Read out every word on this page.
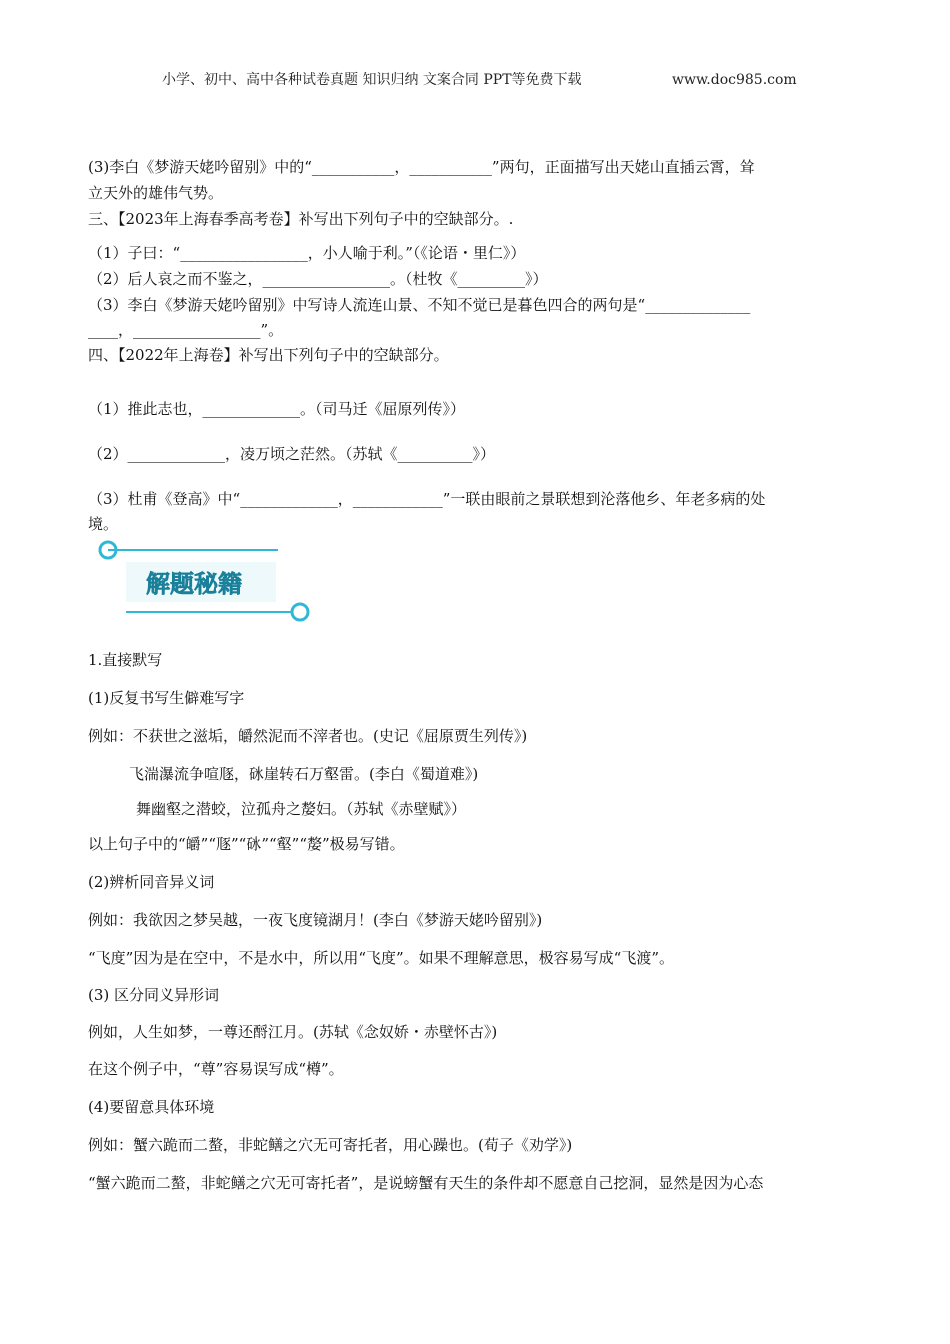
小学、初中、高中各种试卷真题 知识归纳 文案合同 PPT等免费下载	www.doc985.com
(3)李白《梦游天姥吟留别》中的“___________，___________”两句，正面描写出天姥山直插云霄，耸
立天外的雄伟气势。
三、【2023年上海春季高考卷】补写出下列句子中的空缺部分。.
（1）子曰：“_________________，小人喻于利。”（《论语・里仁》）
（2）后人哀之而不鉴之，_________________。（杜牧《_________》）
（3）李白《梦游天姥吟留别》中写诗人流连山景、不知不觉已是暮色四合的两句是“______________
____，_________________”。
四、【2022年上海卷】补写出下列句子中的空缺部分。
（1）推此志也，_____________。（司马迁《屈原列传》）
（2）_____________，凌万顷之茫然。（苏轼《__________》）
（3）杜甫《登高》中“_____________，____________”一联由眼前之景联想到沦落他乡、年老多病的处
境。
解题秘籍
1.直接默写
(1)反复书写生僻难写字
例如：不获世之滋垢，皭然泥而不滓者也。(史记《屈原贾生列传》)
飞湍瀑流争喧豗，砯崖转石万壑雷。(李白《蜀道难》)
舞幽壑之潜蛟，泣孤舟之嫠妇。（苏轼《赤壁赋》）
以上句子中的“皭”“豗”“砯”“壑”“嫠”极易写错。
(2)辨析同音异义词
例如：我欲因之梦吴越，一夜飞度镜湖月！(李白《梦游天姥吟留别》)
“飞度”因为是在空中，不是水中，所以用“飞度”。如果不理解意思，极容易写成“飞渡”。
(3) 区分同义异形词
例如，人生如梦，一尊还酹江月。(苏轼《念奴娇・赤壁怀古》)
在这个例子中，“尊”容易误写成“樽”。
(4)要留意具体环境
例如：蟹六跪而二螯，非蛇鳝之穴无可寄托者，用心躁也。(荀子《劝学》)
“蟹六跪而二螯，非蛇鳝之穴无可寄托者”，是说螃蟹有天生的条件却不愿意自己挖洞，显然是因为心态
